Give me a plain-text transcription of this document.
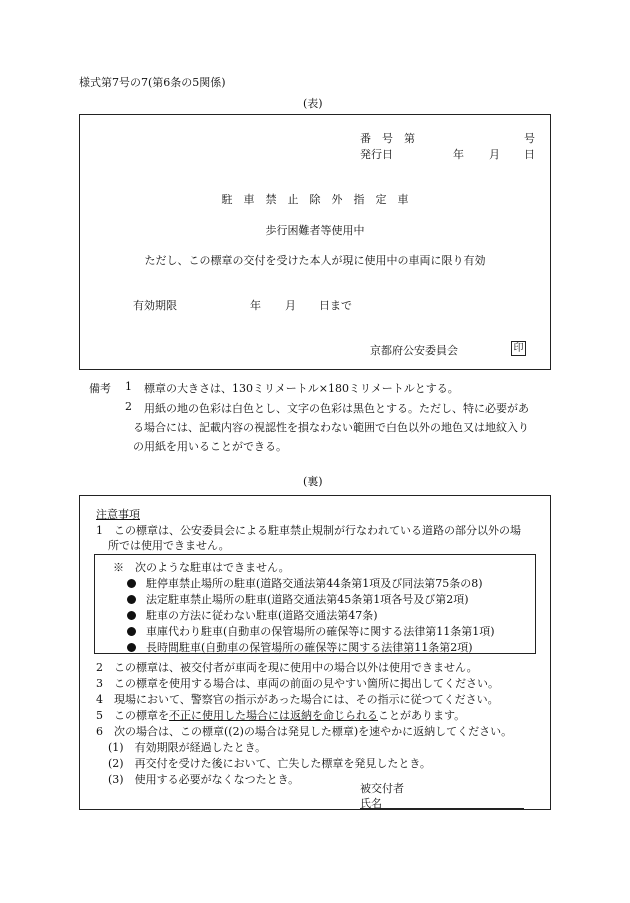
様式第7号の7(第6条の5関係)
(表)
番　号　第	号
発行日	年 月 日
駐　車　禁　止　除　外　指　定　車
歩行困難者等使用中
ただし、この標章の交付を受けた本人が現に使用中の車両に限り有効
有効期限	年 月 日まで
京都府公安委員会	印
備考 1 標章の大きさは、130ミリメートル×180ミリメートルとする。
2 用紙の地の色彩は白色とし、文字の色彩は黒色とする。ただし、特に必要があ
る場合には、記載内容の視認性を損なわない範囲で白色以外の地色又は地紋入り
の用紙を用いることができる。
(裏)
注意事項
1　この標章は、公安委員会による駐車禁止規制が行なわれている道路の部分以外の場
所では使用できません。
※　次のような駐車はできません。
駐停車禁止場所の駐車(道路交通法第44条第1項及び同法第75条の8)
法定駐車禁止場所の駐車(道路交通法第45条第1項各号及び第2項)
駐車の方法に従わない駐車(道路交通法第47条)
車庫代わり駐車(自動車の保管場所の確保等に関する法律第11条第1項)
長時間駐車(自動車の保管場所の確保等に関する法律第11条第2項)
2　この標章は、被交付者が車両を現に使用中の場合以外は使用できません。
3　この標章を使用する場合は、車両の前面の見やすい箇所に掲出してください。
4　現場において、警察官の指示があった場合には、その指示に従つてください。
5　この標章を不正に使用した場合には返納を命じられることがあります。
6　次の場合は、この標章((2)の場合は発見した標章)を速やかに返納してください。
(1)　有効期限が経過したとき。
(2)　再交付を受けた後において、亡失した標章を発見したとき。
(3)　使用する必要がなくなつたとき。
被交付者
氏名
